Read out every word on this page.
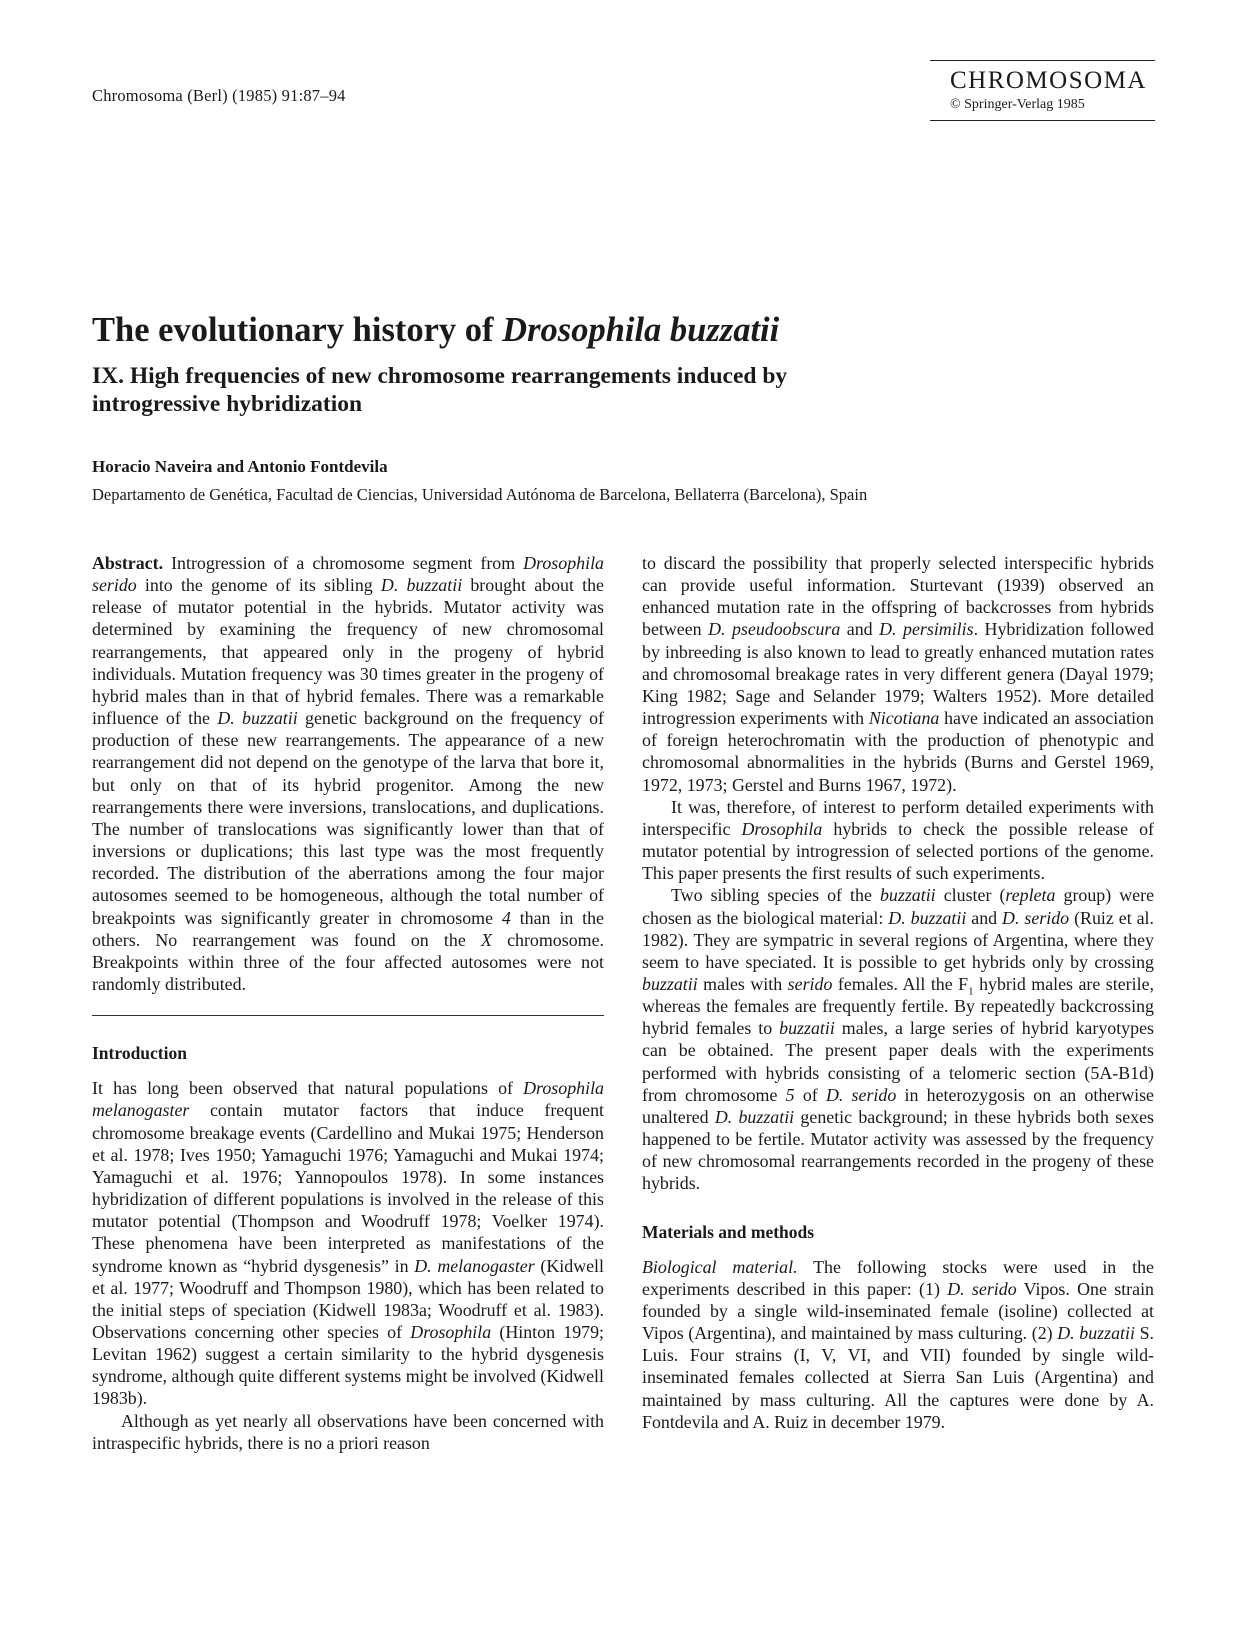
Chromosoma (Berl) (1985) 91:87–94
CHROMOSOMA
© Springer-Verlag 1985
The evolutionary history of Drosophila buzzatii
IX. High frequencies of new chromosome rearrangements induced by introgressive hybridization
Horacio Naveira and Antonio Fontdevila
Departamento de Genética, Facultad de Ciencias, Universidad Autónoma de Barcelona, Bellaterra (Barcelona), Spain

Abstract. Introgression of a chromosome segment from Drosophila serido into the genome of its sibling D. buzzatii brought about the release of mutator potential in the hybrids. Mutator activity was determined by examining the frequency of new chromosomal rearrangements, that appeared only in the progeny of hybrid individuals. Mutation frequency was 30 times greater in the progeny of hybrid males than in that of hybrid females. There was a remarkable influence of the D. buzzatii genetic background on the frequency of production of these new rearrangements. The appearance of a new rearrangement did not depend on the genotype of the larva that bore it, but only on that of its hybrid progenitor. Among the new rearrangements there were inversions, translocations, and duplications. The number of translocations was significantly lower than that of inversions or duplications; this last type was the most frequently recorded. The distribution of the aberrations among the four major autosomes seemed to be homogeneous, although the total number of breakpoints was significantly greater in chromosome 4 than in the others. No rearrangement was found on the X chromosome. Breakpoints within three of the four affected autosomes were not randomly distributed.

Introduction

It has long been observed that natural populations of Drosophila melanogaster contain mutator factors that induce frequent chromosome breakage events (Cardellino and Mukai 1975; Henderson et al. 1978; Ives 1950; Yamaguchi 1976; Yamaguchi and Mukai 1974; Yamaguchi et al. 1976; Yannopoulos 1978). In some instances hybridization of different populations is involved in the release of this mutator potential (Thompson and Woodruff 1978; Voelker 1974). These phenomena have been interpreted as manifestations of the syndrome known as “hybrid dysgenesis” in D. melanogaster (Kidwell et al. 1977; Woodruff and Thompson 1980), which has been related to the initial steps of speciation (Kidwell 1983a; Woodruff et al. 1983). Observations concerning other species of Drosophila (Hinton 1979; Levitan 1962) suggest a certain similarity to the hybrid dysgenesis syndrome, although quite different systems might be involved (Kidwell 1983b).

Although as yet nearly all observations have been concerned with intraspecific hybrids, there is no a priori reason

to discard the possibility that properly selected interspecific hybrids can provide useful information. Sturtevant (1939) observed an enhanced mutation rate in the offspring of backcrosses from hybrids between D. pseudoobscura and D. persimilis. Hybridization followed by inbreeding is also known to lead to greatly enhanced mutation rates and chromosomal breakage rates in very different genera (Dayal 1979; King 1982; Sage and Selander 1979; Walters 1952). More detailed introgression experiments with Nicotiana have indicated an association of foreign heterochromatin with the production of phenotypic and chromosomal abnormalities in the hybrids (Burns and Gerstel 1969, 1972, 1973; Gerstel and Burns 1967, 1972).

It was, therefore, of interest to perform detailed experiments with interspecific Drosophila hybrids to check the possible release of mutator potential by introgression of selected portions of the genome. This paper presents the first results of such experiments.

Two sibling species of the buzzatii cluster (repleta group) were chosen as the biological material: D. buzzatii and D. serido (Ruiz et al. 1982). They are sympatric in several regions of Argentina, where they seem to have speciated. It is possible to get hybrids only by crossing buzzatii males with serido females. All the $F_1$ hybrid males are sterile, whereas the females are frequently fertile. By repeatedly backcrossing hybrid females to buzzatii males, a large series of hybrid karyotypes can be obtained. The present paper deals with the experiments performed with hybrids consisting of a telomeric section (5A-B1d) from chromosome 5 of D. serido in heterozygosis on an otherwise unaltered D. buzzatii genetic background; in these hybrids both sexes happened to be fertile. Mutator activity was assessed by the frequency of new chromosomal rearrangements recorded in the progeny of these hybrids.

Materials and methods

Biological material. The following stocks were used in the experiments described in this paper: (1) D. serido Vipos. One strain founded by a single wild-inseminated female (isoline) collected at Vipos (Argentina), and maintained by mass culturing. (2) D. buzzatii S. Luis. Four strains (I, V, VI, and VII) founded by single wild-inseminated females collected at Sierra San Luis (Argentina) and maintained by mass culturing. All the captures were done by A. Fontdevila and A. Ruiz in december 1979.
